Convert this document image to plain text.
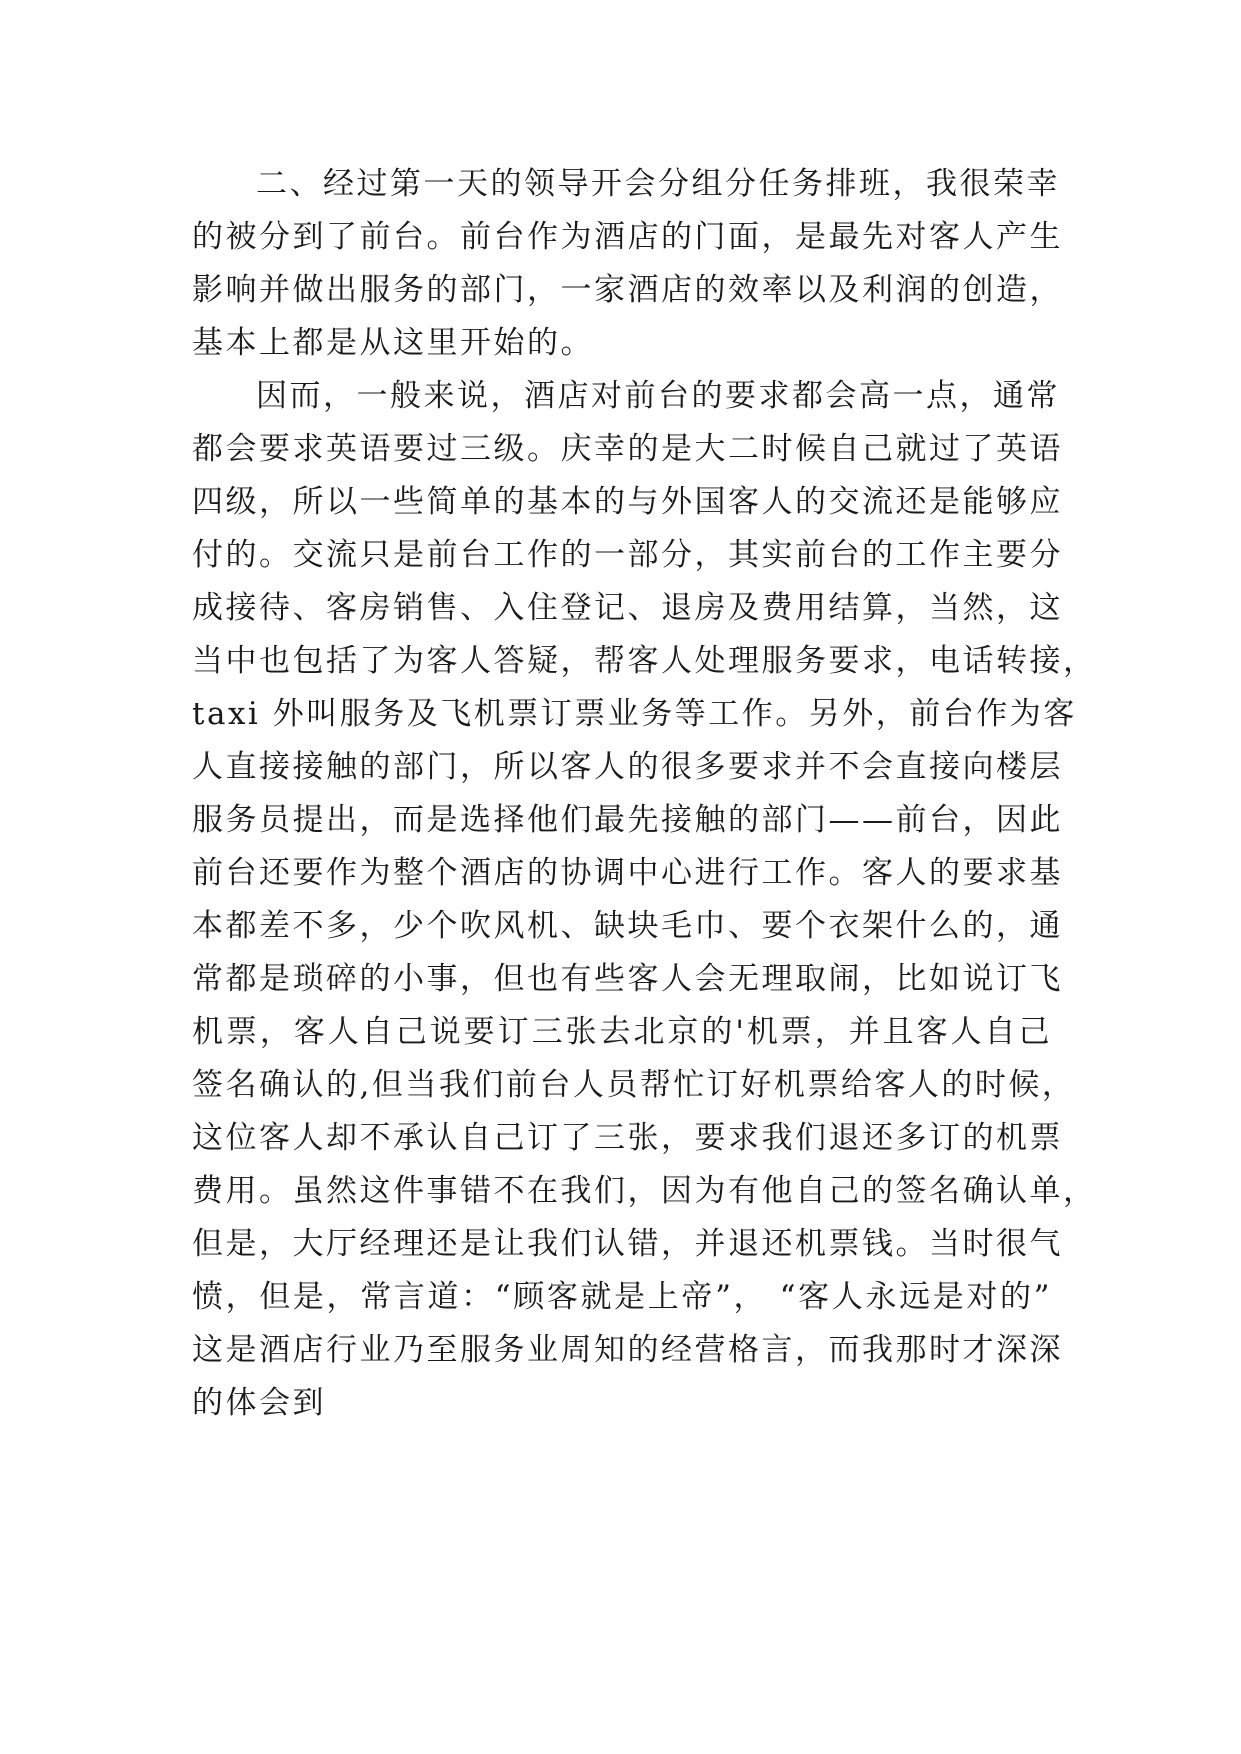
二、经过第一天的领导开会分组分任务排班，我很荣幸
的被分到了前台。前台作为酒店的门面，是最先对客人产生
影响并做出服务的部门，一家酒店的效率以及利润的创造，
基本上都是从这里开始的。
因而，一般来说，酒店对前台的要求都会高一点，通常
都会要求英语要过三级。庆幸的是大二时候自己就过了英语
四级，所以一些简单的基本的与外国客人的交流还是能够应
付的。交流只是前台工作的一部分，其实前台的工作主要分
成接待、客房销售、入住登记、退房及费用结算，当然，这
当中也包括了为客人答疑，帮客人处理服务要求，电话转接，
taxi 外叫服务及飞机票订票业务等工作。另外，前台作为客
人直接接触的部门，所以客人的很多要求并不会直接向楼层
服务员提出，而是选择他们最先接触的部门——前台，因此
前台还要作为整个酒店的协调中心进行工作。客人的要求基
本都差不多，少个吹风机、缺块毛巾、要个衣架什么的，通
常都是琐碎的小事，但也有些客人会无理取闹，比如说订飞
机票，客人自己说要订三张去北京的'机票，并且客人自己
签名确认的,但当我们前台人员帮忙订好机票给客人的时候，
这位客人却不承认自己订了三张，要求我们退还多订的机票
费用。虽然这件事错不在我们，因为有他自己的签名确认单，
但是，大厅经理还是让我们认错，并退还机票钱。当时很气
愤，但是，常言道：“顾客就是上帝”， “客人永远是对的”
这是酒店行业乃至服务业周知的经营格言，而我那时才深深
的体会到
